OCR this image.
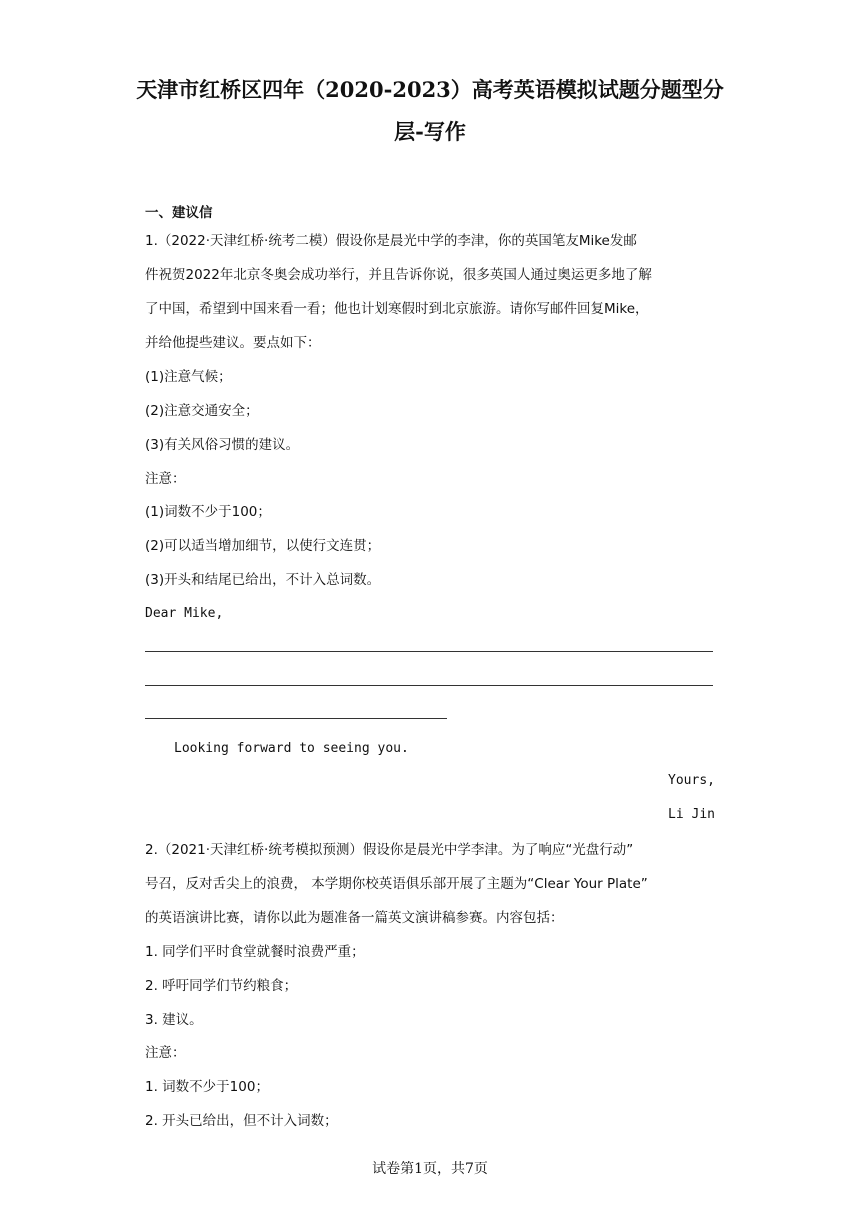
天津市红桥区四年（2020-2023）高考英语模拟试题分题型分
层-写作
一、建议信
1.（2022·天津红桥·统考二模）假设你是晨光中学的李津，你的英国笔友Mike发邮
件祝贺2022年北京冬奥会成功举行，并且告诉你说，很多英国人通过奥运更多地了解
了中国，希望到中国来看一看；他也计划寒假时到北京旅游。请你写邮件回复Mike，
并给他提些建议。要点如下：
(1)注意气候；
(2)注意交通安全；
(3)有关风俗习惯的建议。
注意：
(1)词数不少于100；
(2)可以适当增加细节，以使行文连贯；
(3)开头和结尾已给出，不计入总词数。
Dear Mike,
Looking forward to seeing you.
Yours,
Li Jin
2.（2021·天津红桥·统考模拟预测）假设你是晨光中学李津。为了响应“光盘行动”
号召，反对舌尖上的浪费， 本学期你校英语俱乐部开展了主题为“Clear Your Plate”
的英语演讲比赛，请你以此为题准备一篇英文演讲稿参赛。内容包括：
1. 同学们平时食堂就餐时浪费严重；
2. 呼吁同学们节约粮食；
3. 建议。
注意：
1. 词数不少于100；
2. 开头已给出，但不计入词数；
试卷第1页，共7页
